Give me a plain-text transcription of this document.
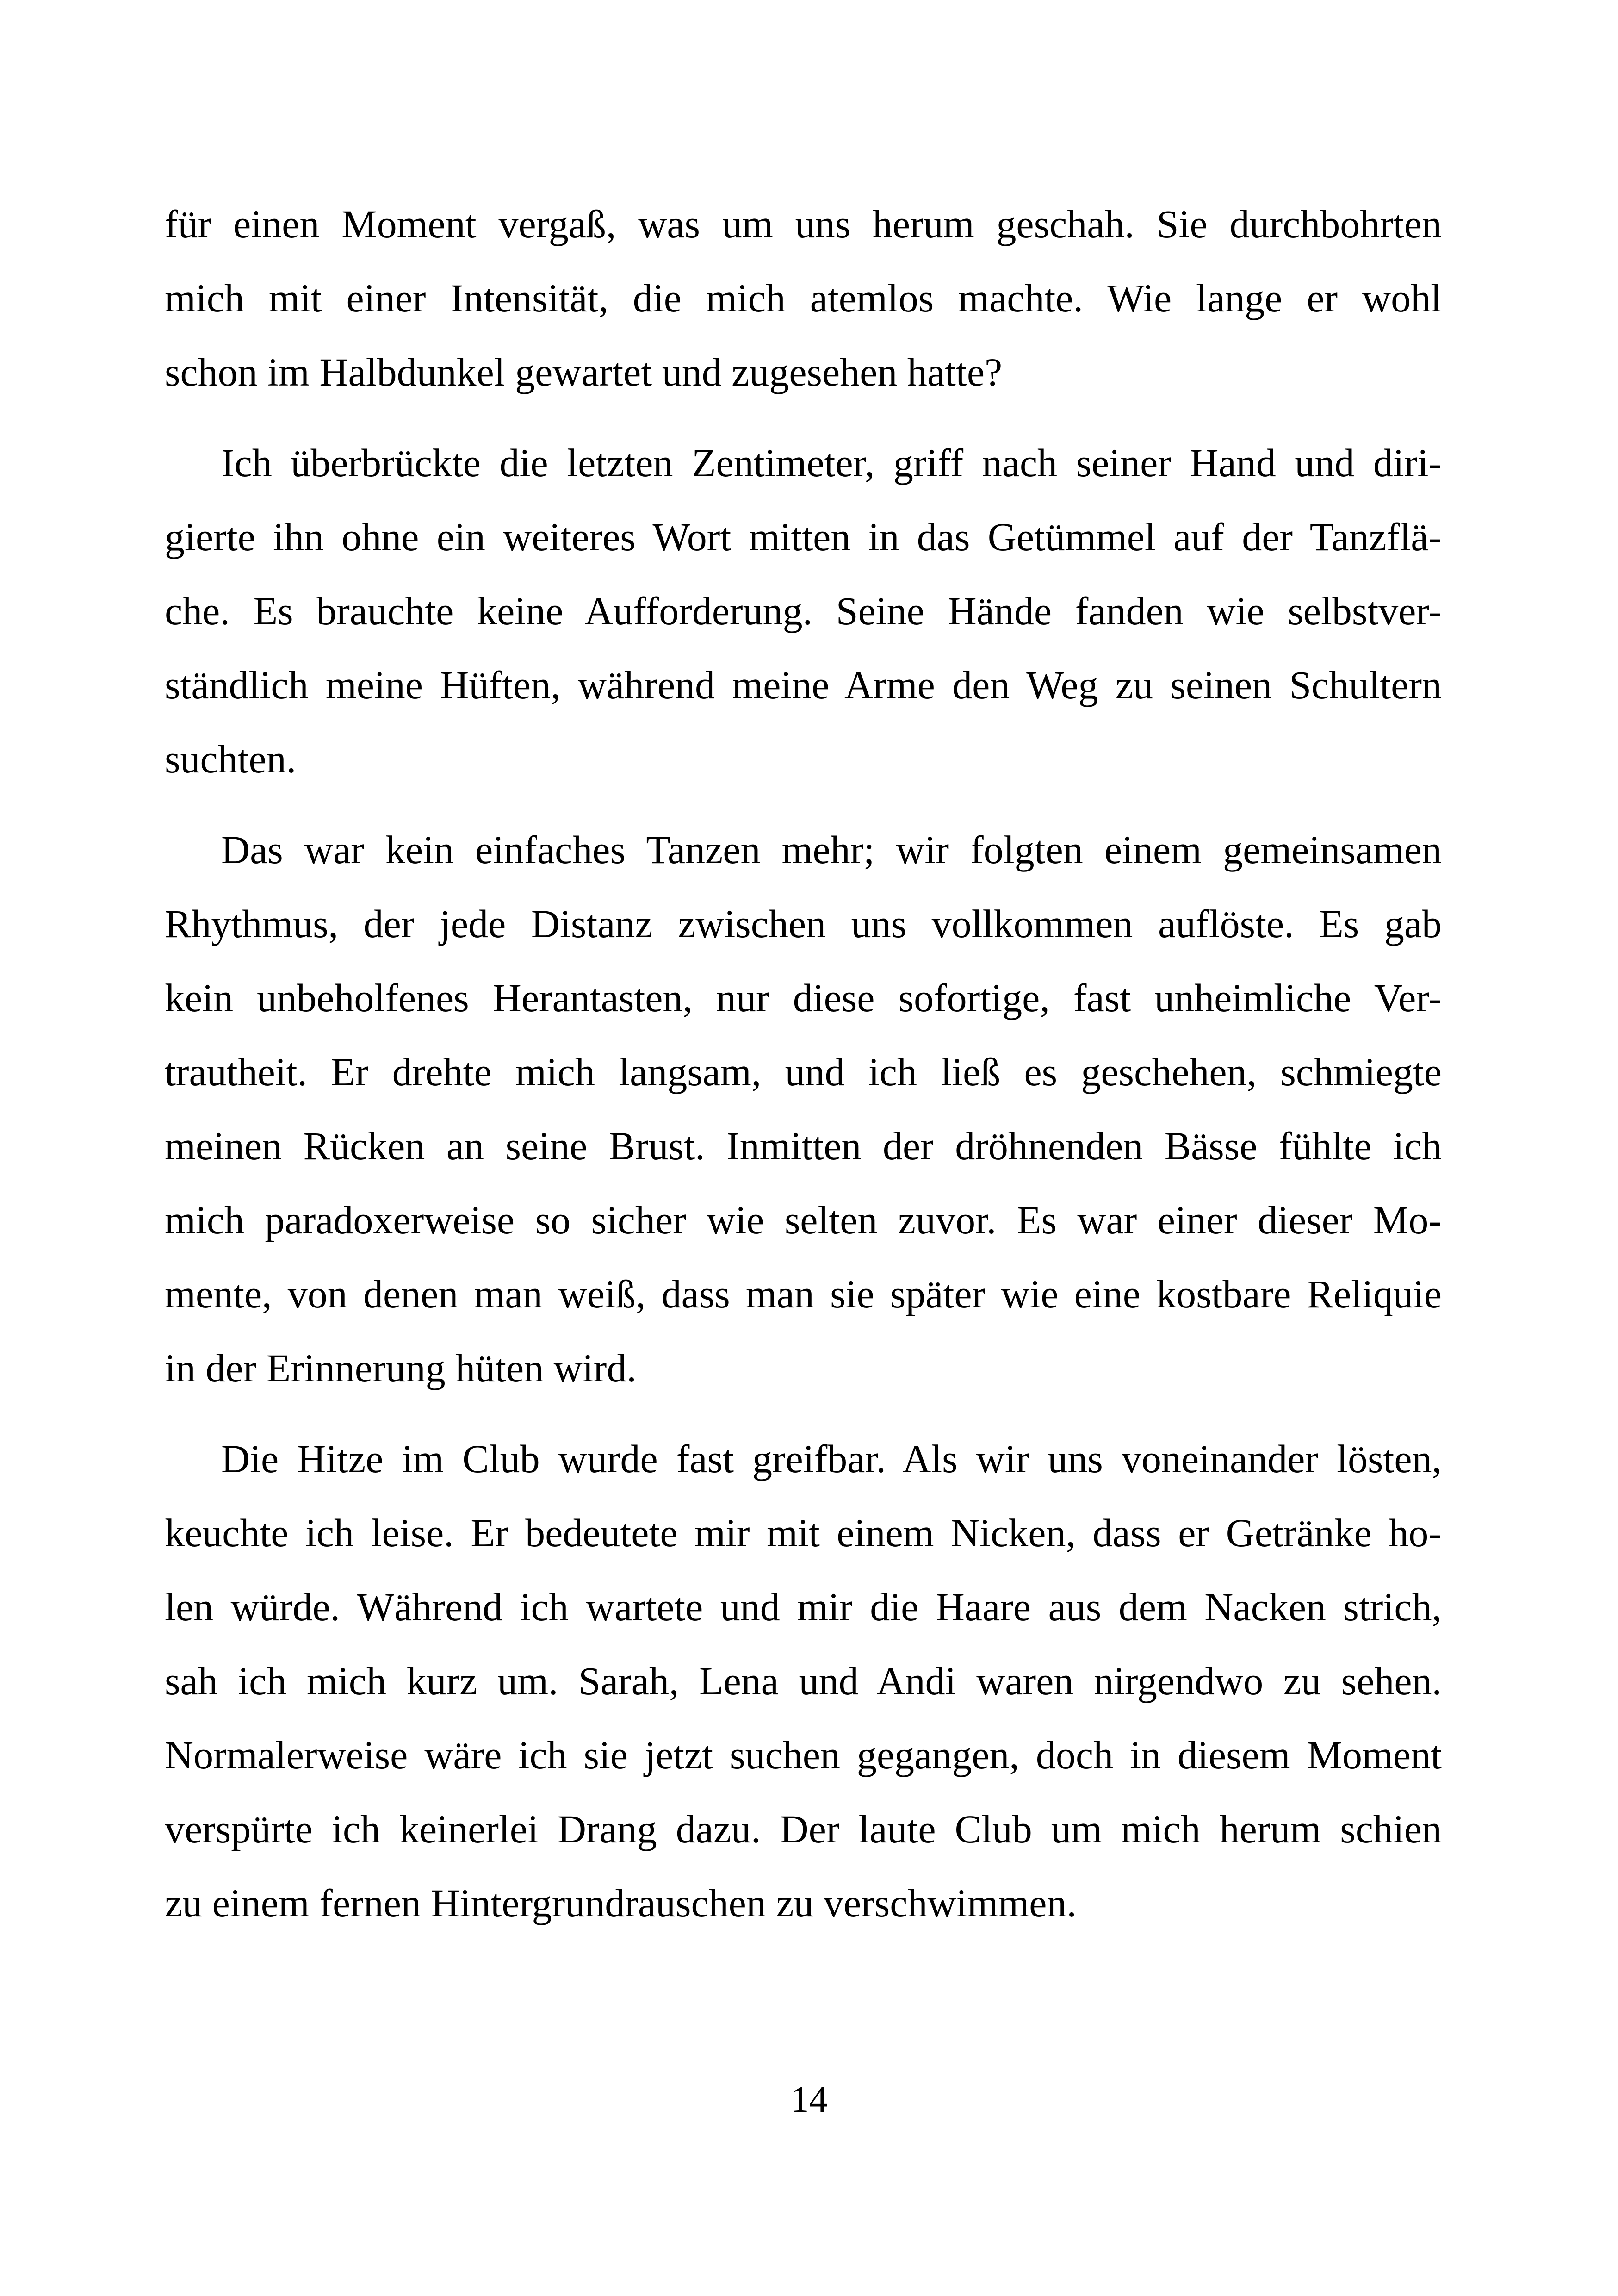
für einen Moment vergaß, was um uns herum geschah. Sie durchbohrten
mich mit einer Intensität, die mich atemlos machte. Wie lange er wohl
schon im Halbdunkel gewartet und zugesehen hatte?
Ich überbrückte die letzten Zentimeter, griff nach seiner Hand und diri-
gierte ihn ohne ein weiteres Wort mitten in das Getümmel auf der Tanzflä-
che. Es brauchte keine Aufforderung. Seine Hände fanden wie selbstver-
ständlich meine Hüften, während meine Arme den Weg zu seinen Schultern
suchten.
Das war kein einfaches Tanzen mehr; wir folgten einem gemeinsamen
Rhythmus, der jede Distanz zwischen uns vollkommen auflöste. Es gab
kein unbeholfenes Herantasten, nur diese sofortige, fast unheimliche Ver-
trautheit. Er drehte mich langsam, und ich ließ es geschehen, schmiegte
meinen Rücken an seine Brust. Inmitten der dröhnenden Bässe fühlte ich
mich paradoxerweise so sicher wie selten zuvor. Es war einer dieser Mo-
mente, von denen man weiß, dass man sie später wie eine kostbare Reliquie
in der Erinnerung hüten wird.
Die Hitze im Club wurde fast greifbar. Als wir uns voneinander lösten,
keuchte ich leise. Er bedeutete mir mit einem Nicken, dass er Getränke ho-
len würde. Während ich wartete und mir die Haare aus dem Nacken strich,
sah ich mich kurz um. Sarah, Lena und Andi waren nirgendwo zu sehen.
Normalerweise wäre ich sie jetzt suchen gegangen, doch in diesem Moment
verspürte ich keinerlei Drang dazu. Der laute Club um mich herum schien
zu einem fernen Hintergrundrauschen zu verschwimmen.
14
